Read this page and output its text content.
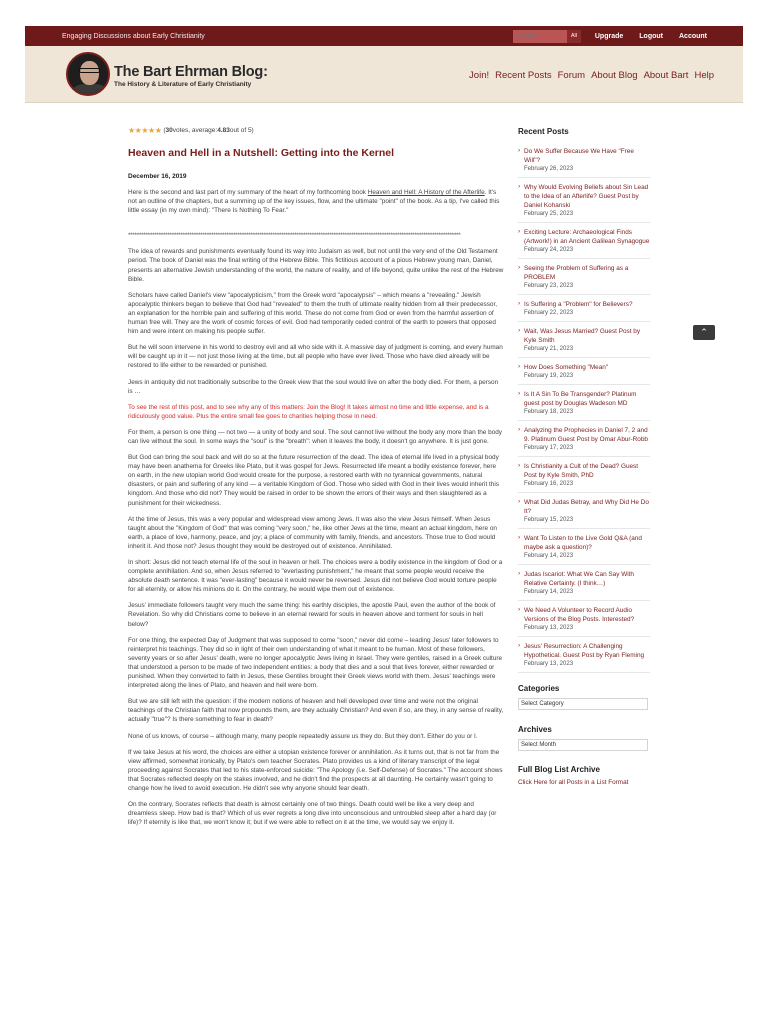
Engaging Discussions about Early Christianity
Search...	All	Upgrade Logout Account
The Bart Ehrman Blog:
The History & Literature of Early Christianity
Join! Recent Posts Forum About Blog About Bart Help
★★★★★ ( 30 votes, average: 4.83 out of 5)
Heaven and Hell in a Nutshell: Getting into the Kernel
December 16, 2019

Here is the second and last part of my summary of the heart of my forthcoming book Heaven and Hell: A History of the Afterlife. It's not an outline of the chapters, but a summing up of the key issues, flow, and the ultimate "point" of the book. As a tip, I've called this little essay (in my own mind): "There Is Nothing To Fear."

********************************************************************************************************************************************************

The idea of rewards and punishments eventually found its way into Judaism as well, but not until the very end of the Old Testament period. The book of Daniel was the final writing of the Hebrew Bible. This fictitious account of a pious Hebrew young man, Daniel, presents an alternative Jewish understanding of the world, the nature of reality, and of life beyond, quite unlike the rest of the Hebrew Bible.

Scholars have called Daniel's view "apocalypticism," from the Greek word "apocalypsis" – which means a "revealing." Jewish apocalyptic thinkers began to believe that God had "revealed" to them the truth of ultimate reality hidden from all their predecessor, an explanation for the horrible pain and suffering of this world. These do not come from God or even from the harmful assertion of human free will. They are the work of cosmic forces of evil. God had temporarily ceded control of the earth to powers that opposed him and were intent on making his people suffer.

But he will soon intervene in his world to destroy evil and all who side with it. A massive day of judgment is coming, and every human will be caught up in it — not just those living at the time, but all people who have ever lived. Those who have died already will be restored to life either to be rewarded or punished.

Jews in antiquity did not traditionally subscribe to the Greek view that the soul would live on after the body died. For them, a person is …

To see the rest of this post, and to see why any of this matters: Join the Blog! It takes almost no time and little expense, and is a ridiculously good value. Plus the entire small fee goes to charities helping those in need.

For them, a person is one thing — not two — a unity of body and soul. The soul cannot live without the body any more than the body can live without the soul. In some ways the "soul" is the "breath": when it leaves the body, it doesn't go anywhere. It is just gone.

But God can bring the soul back and will do so at the future resurrection of the dead. The idea of eternal life lived in a physical body may have been anathema for Greeks like Plato, but it was gospel for Jews. Resurrected life meant a bodily existence forever, here on earth, in the new utopian world God would create for the purpose, a restored earth with no tyrannical governments, natural disasters, or pain and suffering of any kind — a veritable Kingdom of God. Those who sided with God in their lives would inherit this kingdom. And those who did not? They would be raised in order to be shown the errors of their ways and then slaughtered as a punishment for their wickedness.

At the time of Jesus, this was a very popular and widespread view among Jews. It was also the view Jesus himself. When Jesus taught about the "Kingdom of God" that was coming "very soon," he, like other Jews at the time, meant an actual kingdom, here on earth, a place of love, harmony, peace, and joy; a place of community with family, friends, and ancestors. Those true to God would inherit it. And those not? Jesus thought they would be destroyed out of existence. Annihilated.

In short: Jesus did not teach eternal life of the soul in heaven or hell. The choices were a bodily existence in the kingdom of God or a complete annihilation. And so, when Jesus referred to "everlasting punishment," he meant that some people would receive the absolute death sentence. It was "ever-lasting" because it would never be reversed. Jesus did not believe God would torture people for all eternity, or allow his minions do it. On the contrary, he would wipe them out of existence.

Jesus' immediate followers taught very much the same thing: his earthly disciples, the apostle Paul, even the author of the book of Revelation. So why did Christians come to believe in an eternal reward for souls in heaven above and torment for souls in hell below?

For one thing, the expected Day of Judgment that was supposed to come "soon," never did come – leading Jesus' later followers to reinterpret his teachings. They did so in light of their own understanding of what it meant to be human. Most of these followers, seventy years or so after Jesus' death, were no longer apocalyptic Jews living in Israel. They were gentiles, raised in a Greek culture that understood a person to be made of two independent entities: a body that dies and a soul that lives forever, either rewarded or punished. When they converted to faith in Jesus, these Gentiles brought their Greek views world with them. Jesus' teachings were interpreted along the lines of Plato, and heaven and hell were born.

But we are still left with the question: if the modern notions of heaven and hell developed over time and were not the original teachings of the Christian faith that now propounds them, are they actually Christian? And even if so, are they, in any sense of reality, actually "true"? Is there something to fear in death?

None of us knows, of course – although many, many people repeatedly assure us they do. But they don't. Either do you or I.

If we take Jesus at his word, the choices are either a utopian existence forever or annihilation. As it turns out, that is not far from the view affirmed, somewhat ironically, by Plato's own teacher Socrates. Plato provides us a kind of literary transcript of the legal proceeding against Socrates that led to his state-enforced suicide: "The Apology (i.e. Self-Defense) of Socrates." The account shows that Socrates reflected deeply on the stakes involved, and he didn't find the prospects at all daunting. He certainly wasn't going to change how he lived to avoid execution. He didn't see why anyone should fear death.

On the contrary, Socrates reflects that death is almost certainly one of two things. Death could well be like a very deep and dreamless sleep. How bad is that? Which of us ever regrets a long dive into unconscious and untroubled sleep after a hard day (or life)? If eternity is like that, we won't know it; but if we were able to reflect on it at the time, we would say we enjoy it.

Recent Posts
› Do We Suffer Because We Have "Free Will"?
February 26, 2023
› Why Would Evolving Beliefs about Sin Lead to the Idea of an Afterlife? Guest Post by Daniel Kohanski
February 25, 2023
› Exciting Lecture: Archaeological Finds (Artwork!) in an Ancient Galilean Synagogue
February 24, 2023
› Seeing the Problem of Suffering as a PROBLEM
February 23, 2023
› Is Suffering a "Problem" for Believers?
February 22, 2023
› Wait, Was Jesus Married? Guest Post by Kyle Smith
February 21, 2023
› How Does Something "Mean"
February 19, 2023
› Is It A Sin To Be Transgender? Platinum guest post by Douglas Wadeson MD
February 18, 2023
› Analyzing the Prophecies in Daniel 7, 2 and 9. Platinum Guest Post by Omar Abur-Robb
February 17, 2023
› Is Christianity a Cult of the Dead? Guest Post by Kyle Smith, PhD
February 16, 2023
› What Did Judas Betray, and Why Did He Do It?
February 15, 2023
› Want To Listen to the Live Gold Q&A (and maybe ask a question)?
February 14, 2023
› Judas Iscariot: What We Can Say With Relative Certainty. (I think…)
February 14, 2023
› We Need A Volunteer to Record Audio Versions of the Blog Posts. Interested?
February 13, 2023
› Jesus' Resurrection: A Challenging Hypothetical. Guest Post by Ryan Fleming
February 13, 2023
Categories
Select Category
Archives
Select Month
Full Blog List Archive
Click Here for all Posts in a List Format
⌃
